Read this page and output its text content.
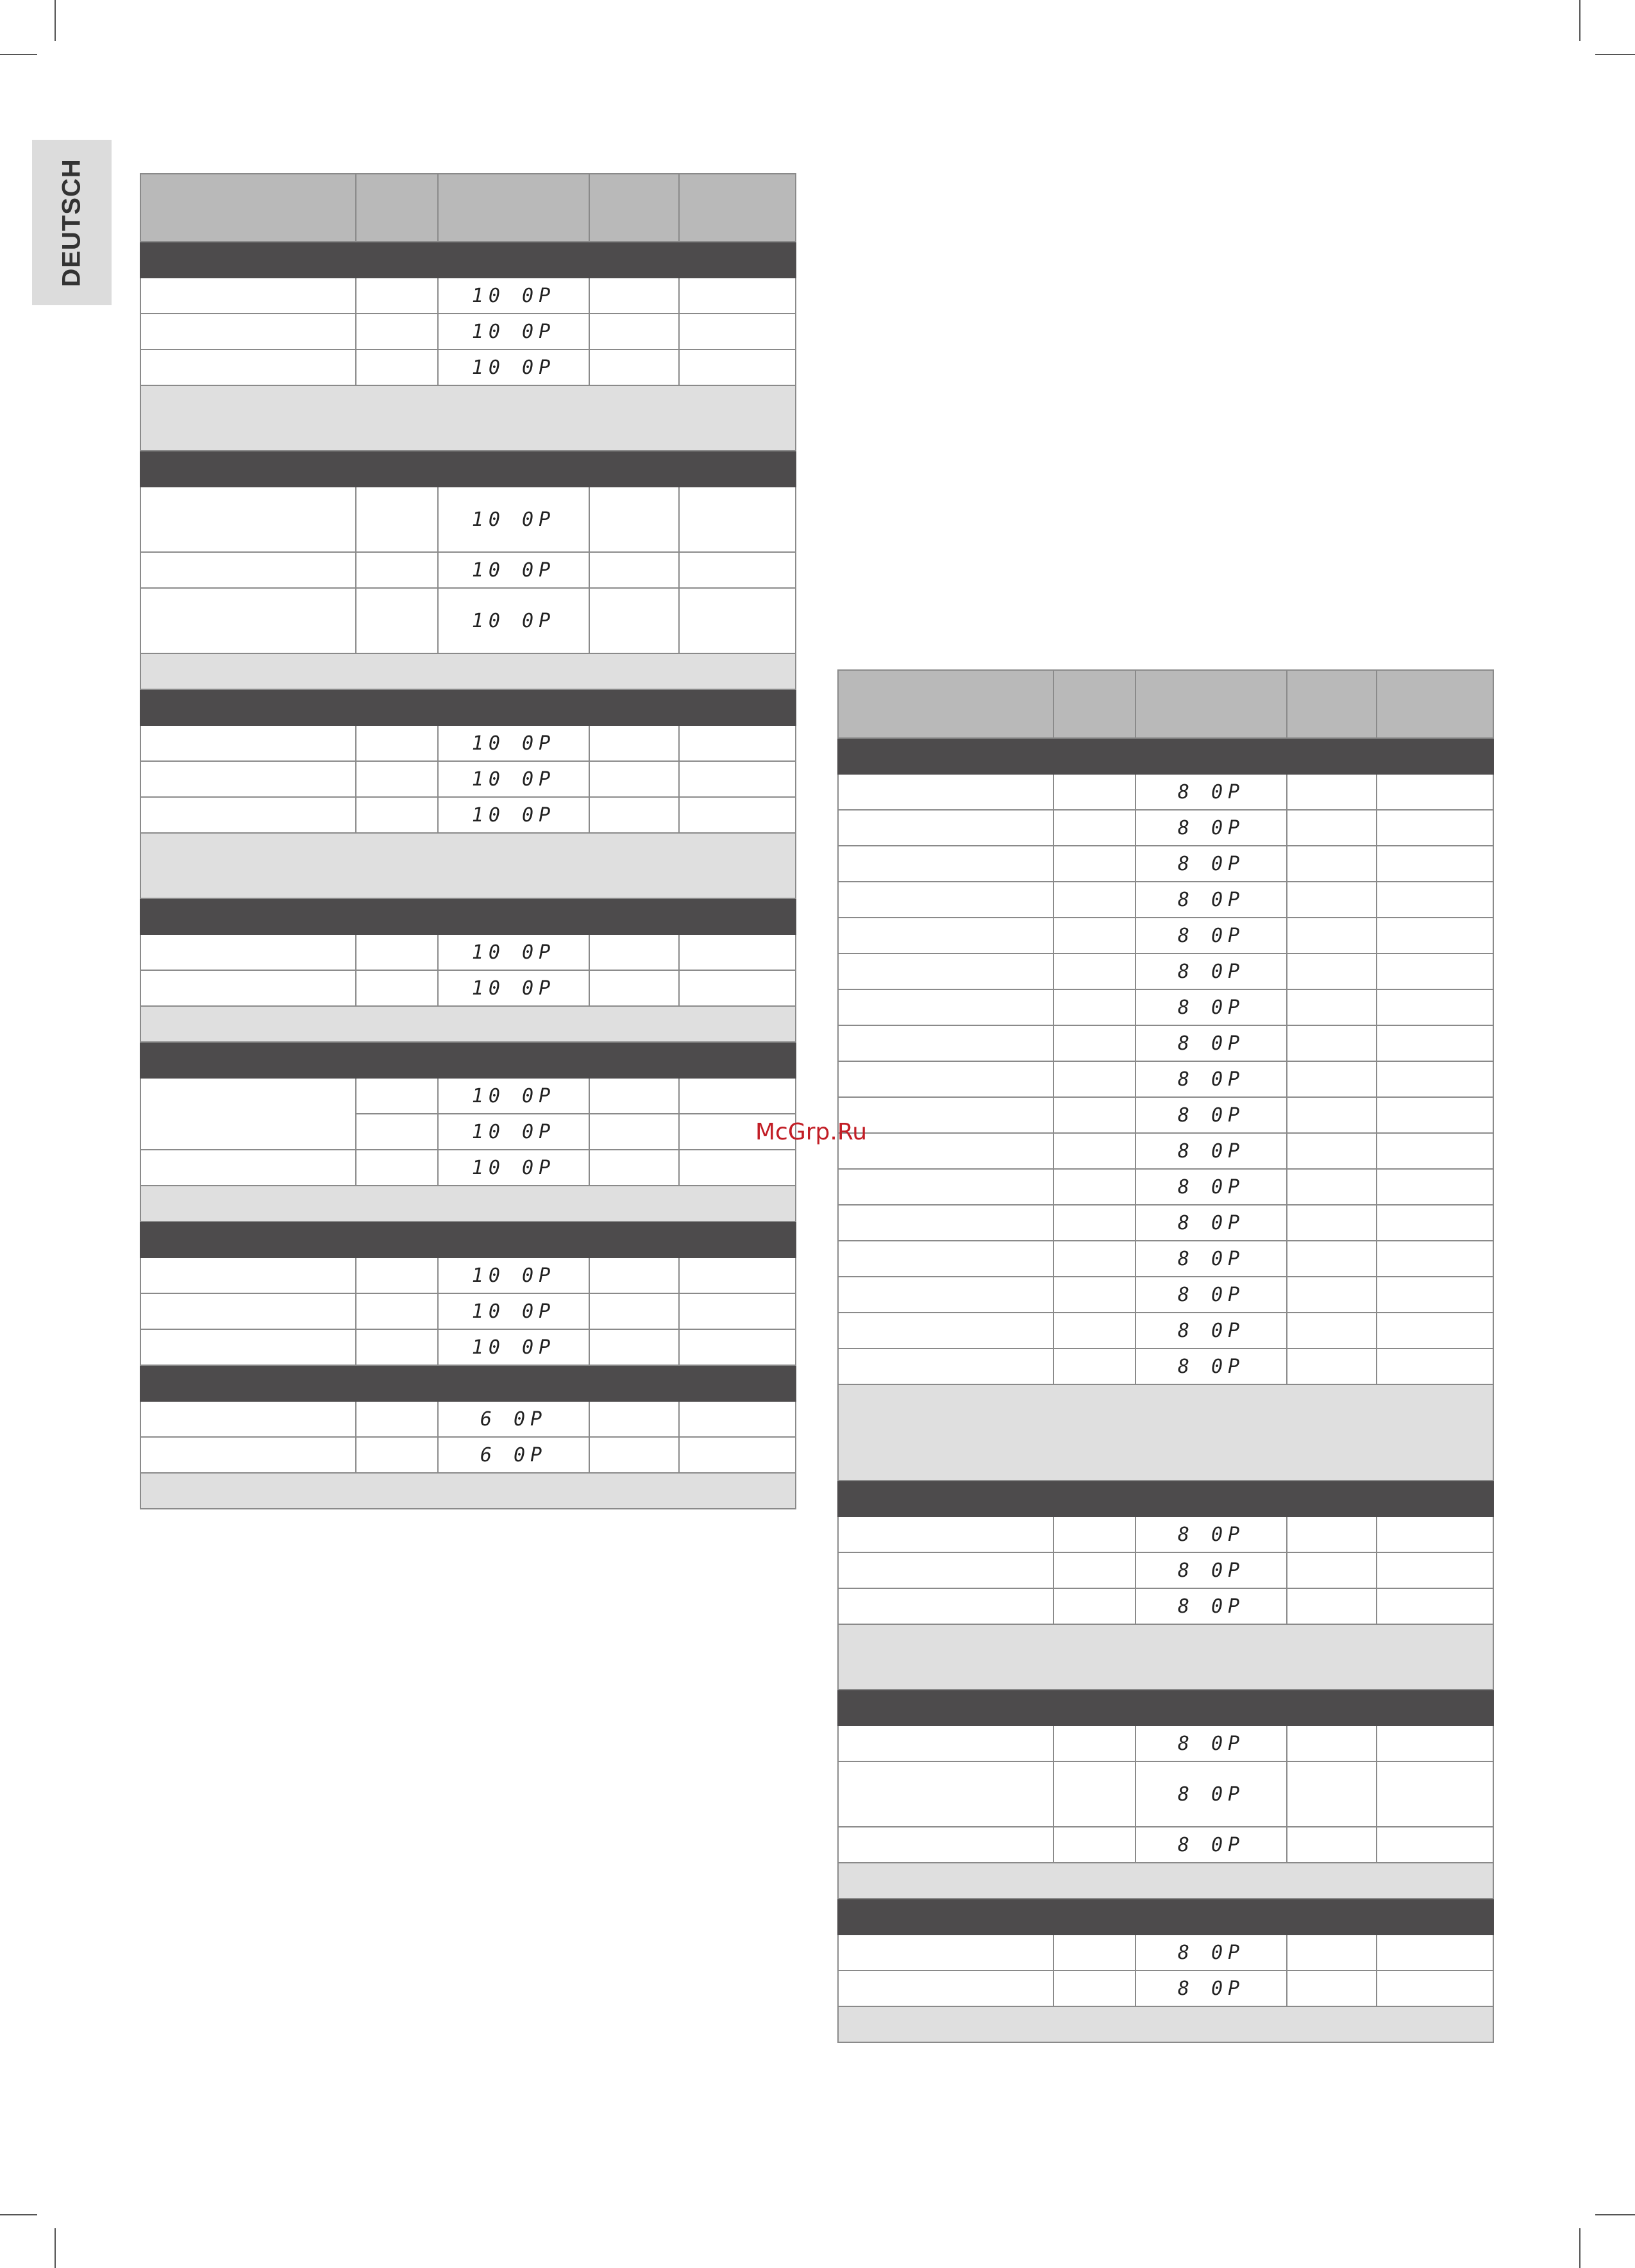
DEUTSCH

		10 0P		
		10 0P		
		10 0P		

		10 0P		
		10 0P		
		10 0P		

		10 0P		
		10 0P		
		10 0P		

		10 0P		
		10 0P		

		10 0P		
		10 0P		
		10 0P		

		10 0P		
		10 0P		
		10 0P		

		6 0P		
		6 0P		

		8 0P		
		8 0P		
		8 0P		
		8 0P		
		8 0P		
		8 0P		
		8 0P		
		8 0P		
		8 0P		
		8 0P		
		8 0P		
		8 0P		
		8 0P		
		8 0P		
		8 0P		
		8 0P		
		8 0P		

		8 0P		
		8 0P		
		8 0P		

		8 0P		
		8 0P		
		8 0P		

		8 0P		
		8 0P		

McGrp.Ru
